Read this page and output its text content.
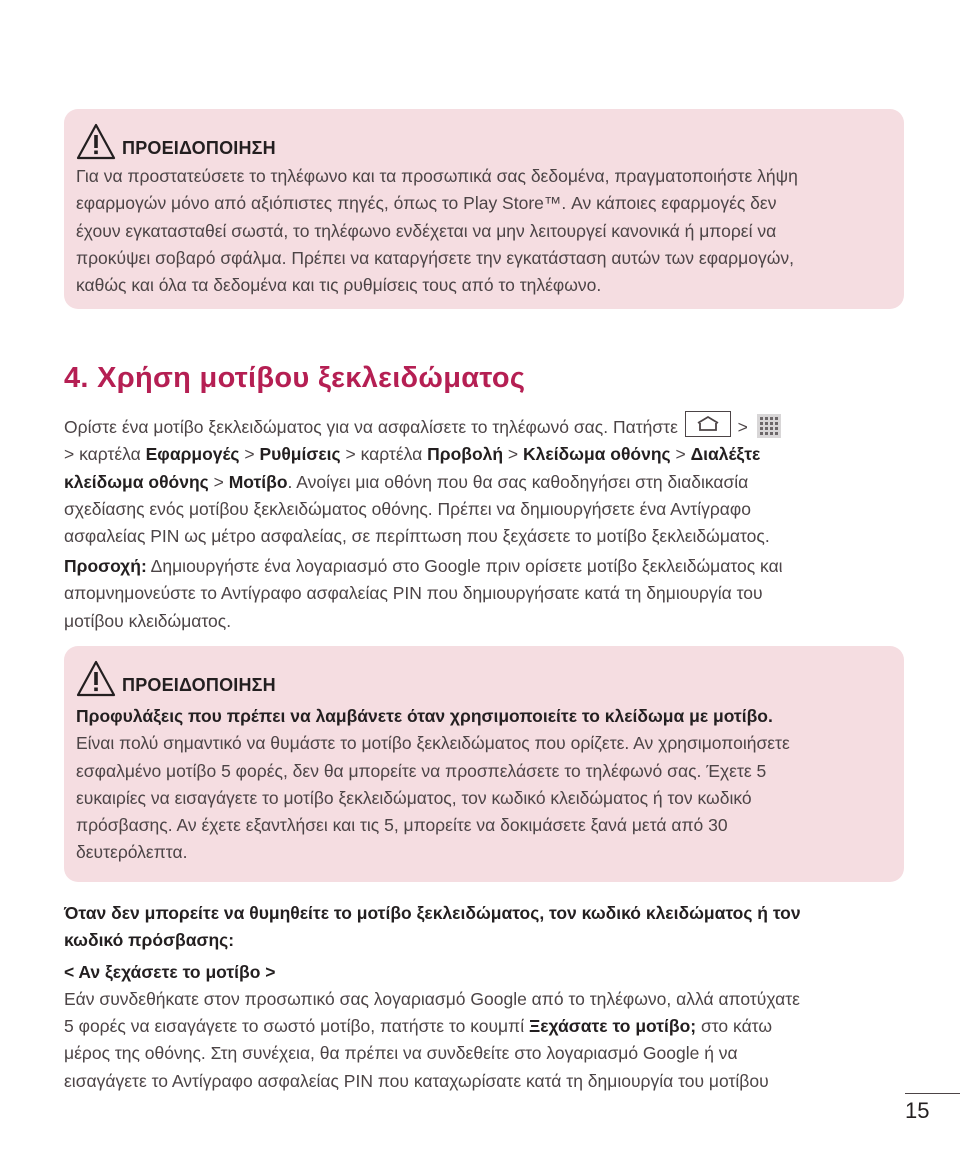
ΠΡΟΕΙΔΟΠΟΙΗΣΗ
Για να προστατεύσετε το τηλέφωνο και τα προσωπικά σας δεδομένα, πραγματοποιήστε λήψη
εφαρμογών μόνο από αξιόπιστες πηγές, όπως το Play Store™. Αν κάποιες εφαρμογές δεν
έχουν εγκατασταθεί σωστά, το τηλέφωνο ενδέχεται να μην λειτουργεί κανονικά ή μπορεί να
προκύψει σοβαρό σφάλμα. Πρέπει να καταργήσετε την εγκατάσταση αυτών των εφαρμογών,
καθώς και όλα τα δεδομένα και τις ρυθμίσεις τους από το τηλέφωνο.
4. Χρήση μοτίβου ξεκλειδώματος
Ορίστε ένα μοτίβο ξεκλειδώματος για να ασφαλίσετε το τηλέφωνό σας. Πατήστε	>
> καρτέλα Εφαρμογές > Ρυθμίσεις > καρτέλα Προβολή > Κλείδωμα οθόνης > Διαλέξτε
κλείδωμα οθόνης > Μοτίβο. Ανοίγει μια οθόνη που θα σας καθοδηγήσει στη διαδικασία
σχεδίασης ενός μοτίβου ξεκλειδώματος οθόνης. Πρέπει να δημιουργήσετε ένα Αντίγραφο
ασφαλείας PIN ως μέτρο ασφαλείας, σε περίπτωση που ξεχάσετε το μοτίβο ξεκλειδώματος.
Προσοχή: Δημιουργήστε ένα λογαριασμό στο Google πριν ορίσετε μοτίβο ξεκλειδώματος και
απομνημονεύστε το Αντίγραφο ασφαλείας PIN που δημιουργήσατε κατά τη δημιουργία του
μοτίβου κλειδώματος.
ΠΡΟΕΙΔΟΠΟΙΗΣΗ
Προφυλάξεις που πρέπει να λαμβάνετε όταν χρησιμοποιείτε το κλείδωμα με μοτίβο.
Είναι πολύ σημαντικό να θυμάστε το μοτίβο ξεκλειδώματος που ορίζετε. Αν χρησιμοποιήσετε
εσφαλμένο μοτίβο 5 φορές, δεν θα μπορείτε να προσπελάσετε το τηλέφωνό σας. Έχετε 5
ευκαιρίες να εισαγάγετε το μοτίβο ξεκλειδώματος, τον κωδικό κλειδώματος ή τον κωδικό
πρόσβασης. Αν έχετε εξαντλήσει και τις 5, μπορείτε να δοκιμάσετε ξανά μετά από 30
δευτερόλεπτα.
Όταν δεν μπορείτε να θυμηθείτε το μοτίβο ξεκλειδώματος, τον κωδικό κλειδώματος ή τον
κωδικό πρόσβασης:
< Αν ξεχάσετε το μοτίβο >
Εάν συνδεθήκατε στον προσωπικό σας λογαριασμό Google από το τηλέφωνο, αλλά αποτύχατε
5 φορές να εισαγάγετε το σωστό μοτίβο, πατήστε το κουμπί Ξεχάσατε το μοτίβο; στο κάτω
μέρος της οθόνης. Στη συνέχεια, θα πρέπει να συνδεθείτε στο λογαριασμό Google ή να
εισαγάγετε το Αντίγραφο ασφαλείας PIN που καταχωρίσατε κατά τη δημιουργία του μοτίβου
15
